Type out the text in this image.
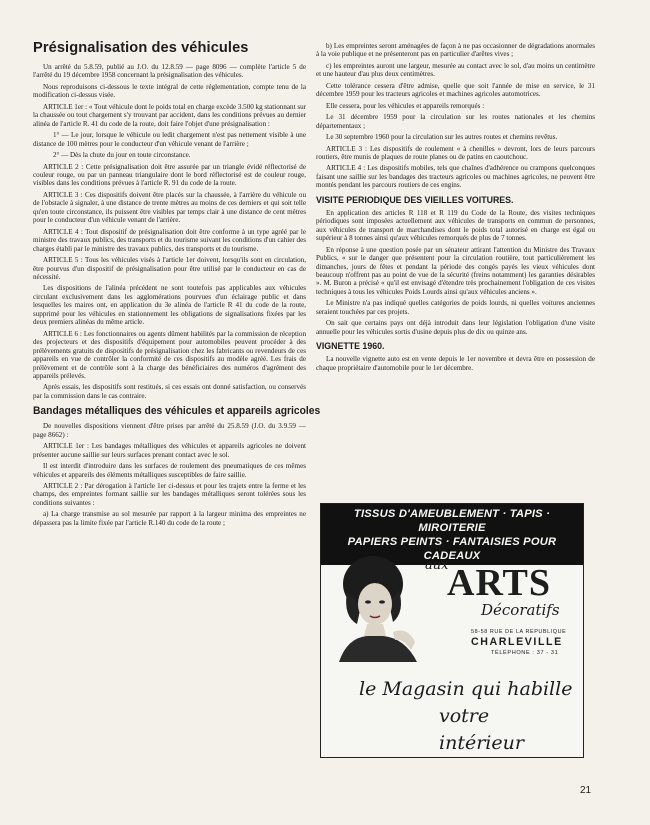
Présignalisation des véhicules

Un arrêté du 5.8.59, publié au J.O. du 12.8.59 — page 8096 — complète l'article 5 de l'arrêté du 19 décembre 1958 concernant la présignalisation des véhicules.

Nous reproduisons ci-dessous le texte intégral de cette réglementation, compte tenu de la modification ci-dessus visée.

ARTICLE 1er : « Tout véhicule dont le poids total en charge excède 3.500 kg stationnant sur la chaussée ou tout chargement s'y trouvant par accident, dans les conditions prévues au dernier alinéa de l'article R. 41 du code de la route, doit faire l'objet d'une présignalisation :

1° — Le jour, lorsque le véhicule ou ledit chargement n'est pas nettement visible à une distance de 100 mètres pour le conducteur d'un véhicule venant de l'arrière ;

2° — Dès la chute du jour en toute circonstance.

ARTICLE 2 : Cette présignalisation doit être assurée par un triangle évidé réflectorisé de couleur rouge, ou par un panneau triangulaire dont le bord réflectorisé est de couleur rouge, visibles dans les conditions prévues à l'article R. 91 du code de la route.

ARTICLE 3 : Ces dispositifs doivent être placés sur la chaussée, à l'arrière du véhicule ou de l'obstacle à signaler, à une distance de trente mètres au moins de ces derniers et qui soit telle qu'en toute circonstance, ils puissent être visibles par temps clair à une distance de cent mètres pour le conducteur d'un véhicule venant de l'arrière.

ARTICLE 4 : Tout dispositif de présignalisation doit être conforme à un type agréé par le ministre des travaux publics, des transports et du tourisme suivant les conditions d'un cahier des charges établi par le ministre des travaux publics, des transports et du tourisme.

ARTICLE 5 : Tous les véhicules visés à l'article 1er doivent, lorsqu'ils sont en circulation, être pourvus d'un dispositif de présignalisation pour être utilisé par le conducteur en cas de nécessité.

Les dispositions de l'alinéa précédent ne sont toutefois pas applicables aux véhicules circulant exclusivement dans les agglomérations pourvues d'un éclairage public et dans lesquelles les maires ont, en application du 3e alinéa de l'article R 41 du code de la route, supprimé pour les véhicules en stationnement les obligations de signalisations fixées par les deux premiers alinéas du même article.

ARTICLE 6 : Les fonctionnaires ou agents dûment habilités par la commission de réception des projecteurs et des dispositifs d'équipement pour automobiles peuvent procéder à des prélèvements gratuits de dispositifs de présignalisation chez les fabricants ou revendeurs de ces appareils en vue de contrôler la conformité de ces dispositifs au modèle agréé. Les frais de prélèvement et de contrôle sont à la charge des bénéficiaires des numéros d'agrément des appareils prélevés.

Après essais, les dispositifs sont restitués, si ces essais ont donné satisfaction, ou conservés par la commission dans le cas contraire.

Bandages métalliques des véhicules et appareils agricoles

De nouvelles dispositions viennent d'être prises par arrêté du 25.8.59 (J.O. du 3.9.59 — page 8662) :

ARTICLE 1er : Les bandages métalliques des véhicules et appareils agricoles ne doivent présenter aucune saillie sur leurs surfaces prenant contact avec le sol.

Il est interdit d'introduire dans les surfaces de roulement des pneumatiques de ces mêmes véhicules et appareils des éléments métalliques susceptibles de faire saillie.

ARTICLE 2 : Par dérogation à l'article 1er ci-dessus et pour les trajets entre la ferme et les champs, des empreintes formant saillie sur les bandages métalliques seront tolérées sous les conditions suivantes :

a) La charge transmise au sol mesurée par rapport à la largeur minima des empreintes ne dépassera pas la limite fixée par l'article R.140 du code de la route ;

b) Les empreintes seront aménagées de façon à ne pas occasionner de dégradations anormales à la voie publique et ne présenteront pas en particulier d'arêtes vives ;

c) les empreintes auront une largeur, mesurée au contact avec le sol, d'au moins un centimètre et une hauteur d'au plus deux centimètres.

Cette tolérance cessera d'être admise, quelle que soit l'année de mise en service, le 31 décembre 1959 pour les tracteurs agricoles et machines agricoles automotrices.

Elle cessera, pour les véhicules et appareils remorqués :

Le 31 décembre 1959 pour la circulation sur les routes nationales et les chemins départementaux ;

Le 30 septembre 1960 pour la circulation sur les autres routes et chemins revêtus.

ARTICLE 3 : Les dispositifs de roulement « à chenilles » devront, lors de leurs parcours routiers, être munis de plaques de route planes ou de patins en caoutchouc.

ARTICLE 4 : Les dispositifs mobiles, tels que chaînes d'adhérence ou crampons quelconques faisant une saillie sur les bandages des tracteurs agricoles ou machines agricoles, ne peuvent être montés pendant les parcours routiers de ces engins.

VISITE PERIODIQUE DES VIEILLES VOITURES.

En application des articles R 118 et R 119 du Code de la Route, des visites techniques périodiques sont imposées actuellement aux véhicules de transports en commun de personnes, aux véhicules de transport de marchandises dont le poids total autorisé en charge est égal ou supérieur à 8 tonnes ainsi qu'aux véhicules remorqués de plus de 7 tonnes.

En réponse à une question posée par un sénateur attirant l'attention du Ministre des Travaux Publics, « sur le danger que présentent pour la circulation routière, tout particulièrement les dimanches, jours de fêtes et pendant la période des congés payés les vieux véhicules dont beaucoup n'offrent pas au point de vue de la sécurité (freins notamment) les garanties désirables ». M. Buron a précisé « qu'il est envisagé d'étendre très prochainement l'obligation de ces visites techniques à tous les véhicules Poids Lourds ainsi qu'aux véhicules anciens ».

Le Ministre n'a pas indiqué quelles catégories de poids lourds, ni quelles voitures anciennes seraient touchées par ces projets.

On sait que certains pays ont déjà introduit dans leur législation l'obligation d'une visite annuelle pour les véhicules sortis d'usine depuis plus de dix ou quinze ans.

VIGNETTE 1960.

La nouvelle vignette auto est en vente depuis le 1er novembre et devra être en possession de chaque propriétaire d'automobile pour le 1er décembre.

TISSUS D'AMEUBLEMENT · TAPIS · MIROITERIE
PAPIERS PEINTS · FANTAISIES POUR CADEAUX
aux
ARTS
Décoratifs
58-58 RUE DE LA REPUBLIQUE
CHARLEVILLE
TÉLÉPHONE : 37 - 31
le Magasin qui habille
votre intérieur
21
